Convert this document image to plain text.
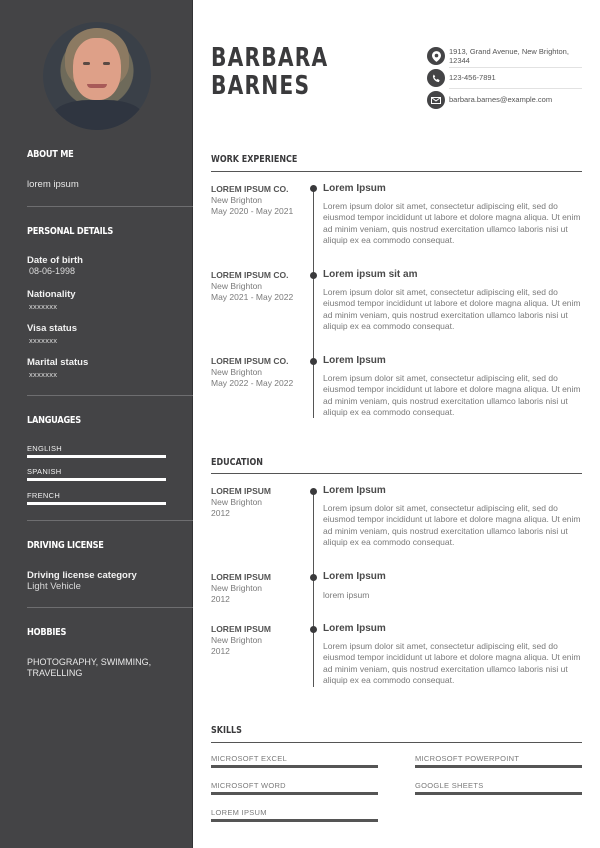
ABOUT ME
lorem ipsum
PERSONAL DETAILS
Date of birth
08-06-1998
Nationality
xxxxxxx
Visa status
xxxxxxx
Marital status
xxxxxxx
LANGUAGES
ENGLISH
SPANISH
FRENCH
DRIVING LICENSE
Driving license category
Light Vehicle
HOBBIES
PHOTOGRAPHY, SWIMMING,
TRAVELLING
BARBARA
BARNES
1913, Grand Avenue, New Brighton, 12344
123-456-7891
barbara.barnes@example.com
WORK EXPERIENCE
LOREM IPSUM CO.
New Brighton
May 2020 - May 2021
Lorem Ipsum
Lorem ipsum dolor sit amet, consectetur adipiscing elit, sed do eiusmod tempor incididunt ut labore et dolore magna aliqua. Ut enim ad minim veniam, quis nostrud exercitation ullamco laboris nisi ut aliquip ex ea commodo consequat.
LOREM IPSUM CO.
New Brighton
May 2021 - May 2022
Lorem ipsum sit am
Lorem ipsum dolor sit amet, consectetur adipiscing elit, sed do eiusmod tempor incididunt ut labore et dolore magna aliqua. Ut enim ad minim veniam, quis nostrud exercitation ullamco laboris nisi ut aliquip ex ea commodo consequat.
LOREM IPSUM CO.
New Brighton
May 2022 - May 2022
Lorem Ipsum
Lorem ipsum dolor sit amet, consectetur adipiscing elit, sed do eiusmod tempor incididunt ut labore et dolore magna aliqua. Ut enim ad minim veniam, quis nostrud exercitation ullamco laboris nisi ut aliquip ex ea commodo consequat.
EDUCATION
LOREM IPSUM
New Brighton
2012
Lorem Ipsum
Lorem ipsum dolor sit amet, consectetur adipiscing elit, sed do eiusmod tempor incididunt ut labore et dolore magna aliqua. Ut enim ad minim veniam, quis nostrud exercitation ullamco laboris nisi ut aliquip ex ea commodo consequat.
LOREM IPSUM
New Brighton
2012
Lorem Ipsum
lorem ipsum
LOREM IPSUM
New Brighton
2012
Lorem Ipsum
Lorem ipsum dolor sit amet, consectetur adipiscing elit, sed do eiusmod tempor incididunt ut labore et dolore magna aliqua. Ut enim ad minim veniam, quis nostrud exercitation ullamco laboris nisi ut aliquip ex ea commodo consequat.
SKILLS
MICROSOFT EXCEL	MICROSOFT POWERPOINT
MICROSOFT WORD	GOOGLE SHEETS
LOREM IPSUM
